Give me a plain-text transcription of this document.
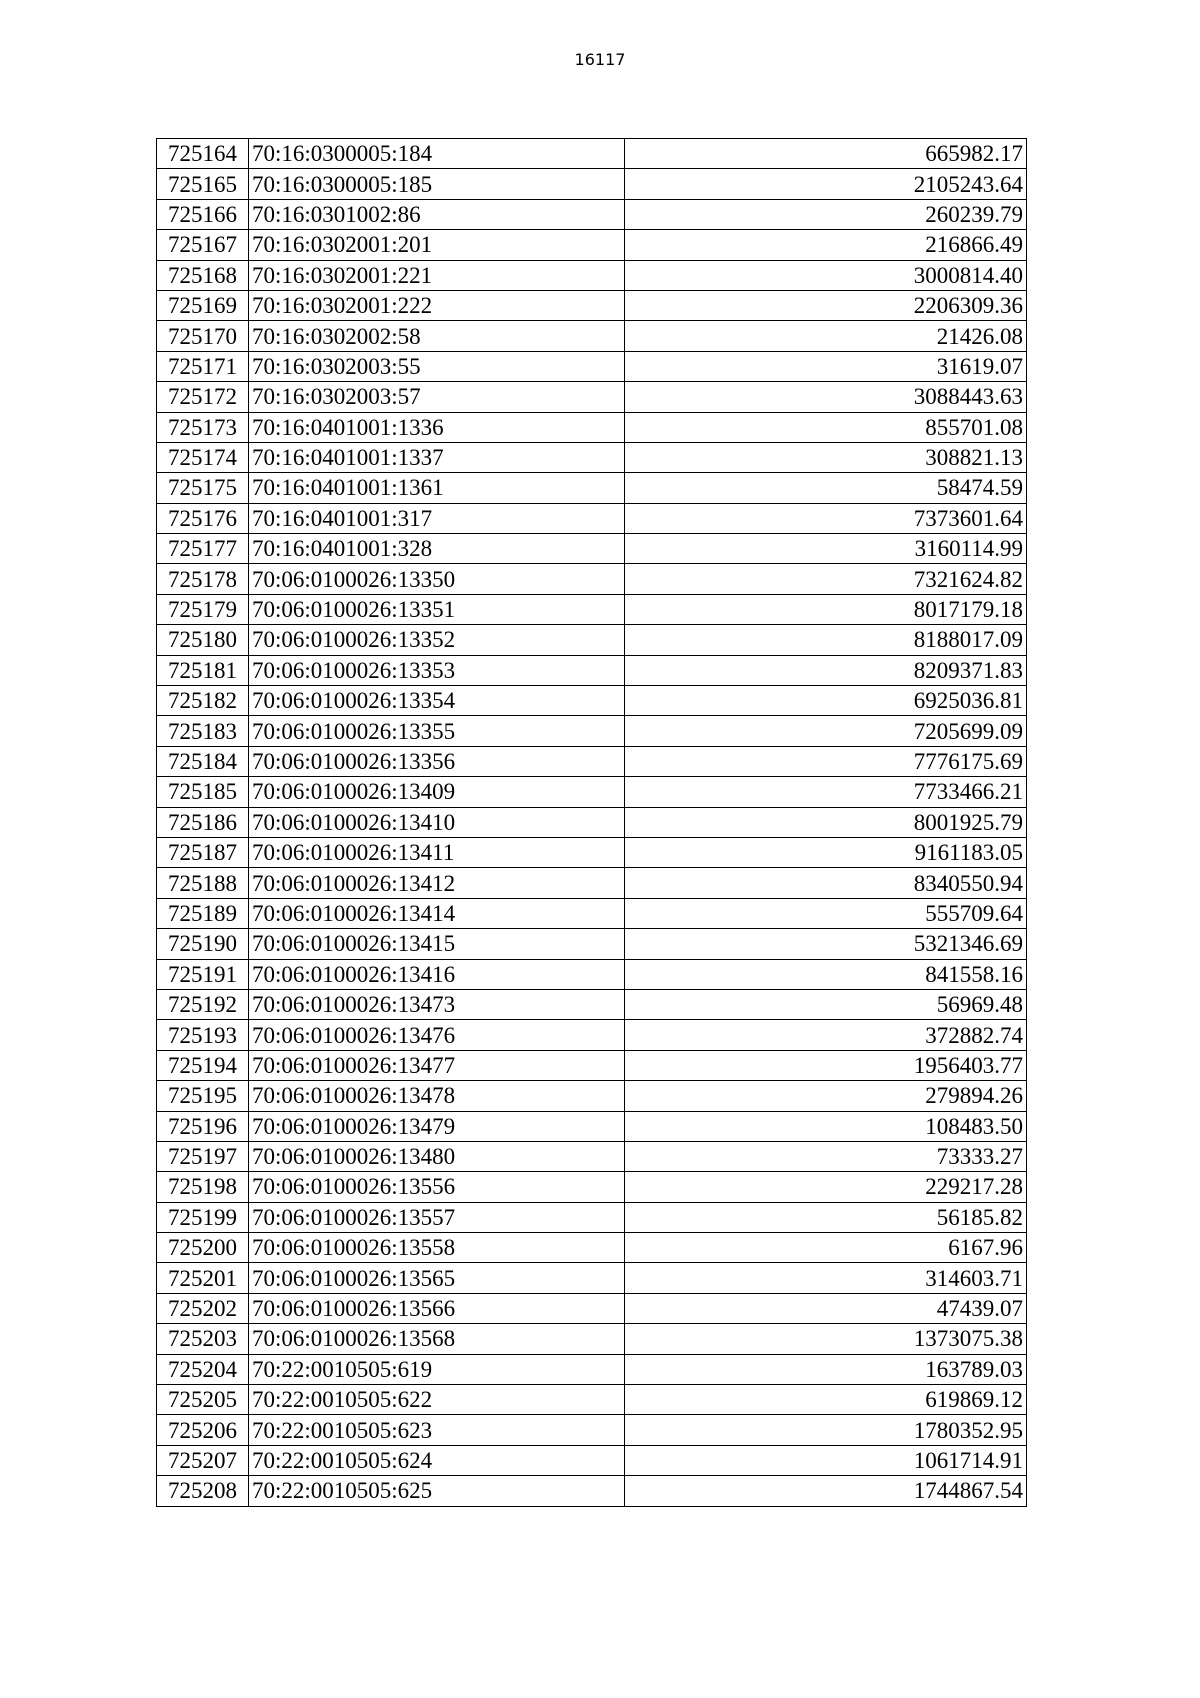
16117
725164	70:16:0300005:184	665982.17
725165	70:16:0300005:185	2105243.64
725166	70:16:0301002:86	260239.79
725167	70:16:0302001:201	216866.49
725168	70:16:0302001:221	3000814.40
725169	70:16:0302001:222	2206309.36
725170	70:16:0302002:58	21426.08
725171	70:16:0302003:55	31619.07
725172	70:16:0302003:57	3088443.63
725173	70:16:0401001:1336	855701.08
725174	70:16:0401001:1337	308821.13
725175	70:16:0401001:1361	58474.59
725176	70:16:0401001:317	7373601.64
725177	70:16:0401001:328	3160114.99
725178	70:06:0100026:13350	7321624.82
725179	70:06:0100026:13351	8017179.18
725180	70:06:0100026:13352	8188017.09
725181	70:06:0100026:13353	8209371.83
725182	70:06:0100026:13354	6925036.81
725183	70:06:0100026:13355	7205699.09
725184	70:06:0100026:13356	7776175.69
725185	70:06:0100026:13409	7733466.21
725186	70:06:0100026:13410	8001925.79
725187	70:06:0100026:13411	9161183.05
725188	70:06:0100026:13412	8340550.94
725189	70:06:0100026:13414	555709.64
725190	70:06:0100026:13415	5321346.69
725191	70:06:0100026:13416	841558.16
725192	70:06:0100026:13473	56969.48
725193	70:06:0100026:13476	372882.74
725194	70:06:0100026:13477	1956403.77
725195	70:06:0100026:13478	279894.26
725196	70:06:0100026:13479	108483.50
725197	70:06:0100026:13480	73333.27
725198	70:06:0100026:13556	229217.28
725199	70:06:0100026:13557	56185.82
725200	70:06:0100026:13558	6167.96
725201	70:06:0100026:13565	314603.71
725202	70:06:0100026:13566	47439.07
725203	70:06:0100026:13568	1373075.38
725204	70:22:0010505:619	163789.03
725205	70:22:0010505:622	619869.12
725206	70:22:0010505:623	1780352.95
725207	70:22:0010505:624	1061714.91
725208	70:22:0010505:625	1744867.54
